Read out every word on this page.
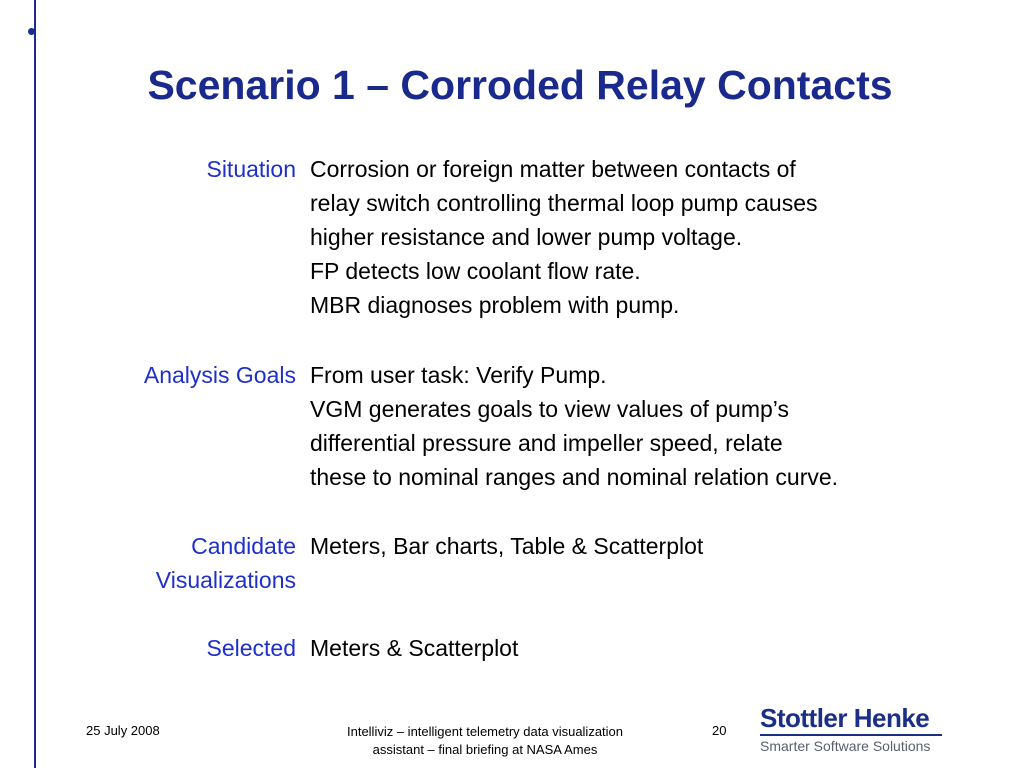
Scenario 1 – Corroded Relay Contacts
Situation Corrosion or foreign matter between contacts of
relay switch controlling thermal loop pump causes
higher resistance and lower pump voltage.
FP detects low coolant flow rate.
MBR diagnoses problem with pump.
Analysis Goals From user task: Verify Pump.
VGM generates goals to view values of pump’s
differential pressure and impeller speed, relate
these to nominal ranges and nominal relation curve.
Candidate
Visualizations
Meters, Bar charts, Table & Scatterplot
Selected Meters & Scatterplot
25 July 2008	Intelliviz – intelligent telemetry data visualization
assistant – final briefing at NASA Ames
20 Stottler Henke
Smarter Software Solutions
